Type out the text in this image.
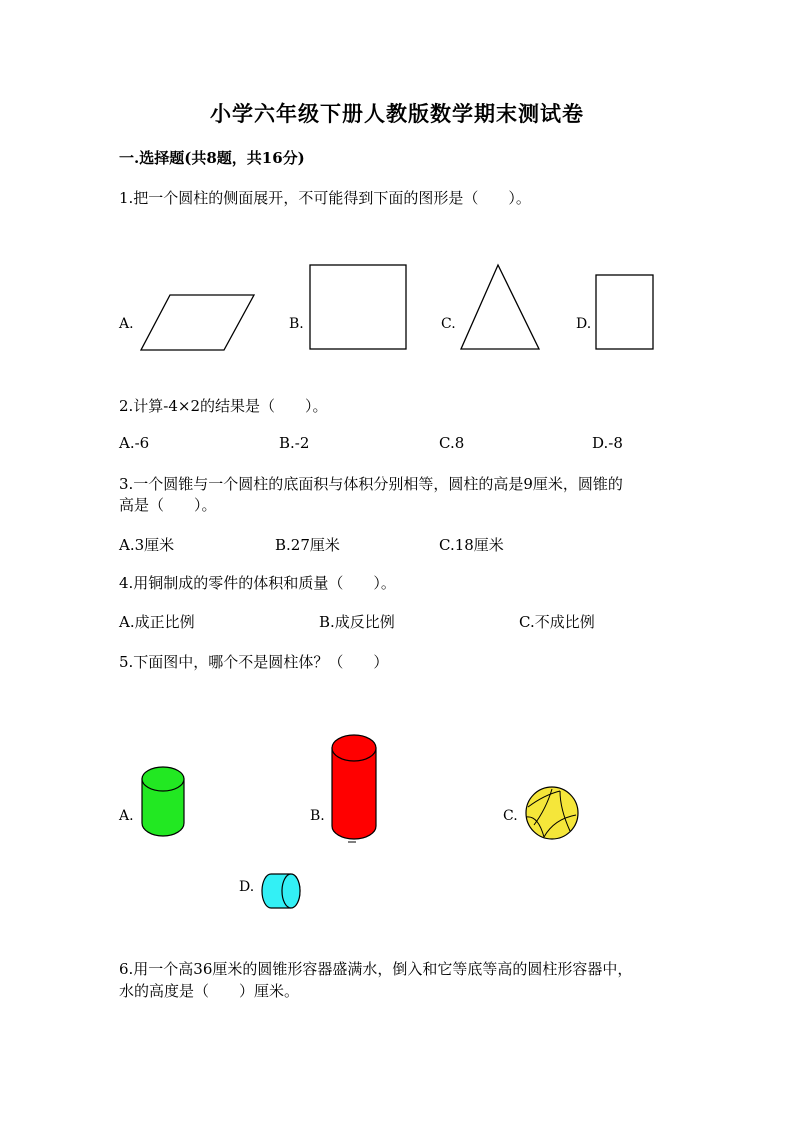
小学六年级下册人教版数学期末测试卷
一.选择题(共8题，共16分)
1.把一个圆柱的侧面展开，不可能得到下面的图形是（　　）。
A.	B.	C.	D.
2.计算-4×2的结果是（　　）。
A.-6	B.-2	C.8	D.-8
3.一个圆锥与一个圆柱的底面积与体积分别相等，圆柱的高是9厘米，圆锥的
高是（　　）。
A.3厘米	B.27厘米	C.18厘米
4.用铜制成的零件的体积和质量（　　）。
A.成正比例	B.成反比例	C.不成比例
5.下面图中，哪个不是圆柱体？（　　）
A.	B.	C.
D.
6.用一个高36厘米的圆锥形容器盛满水，倒入和它等底等高的圆柱形容器中，
水的高度是（　　）厘米。
